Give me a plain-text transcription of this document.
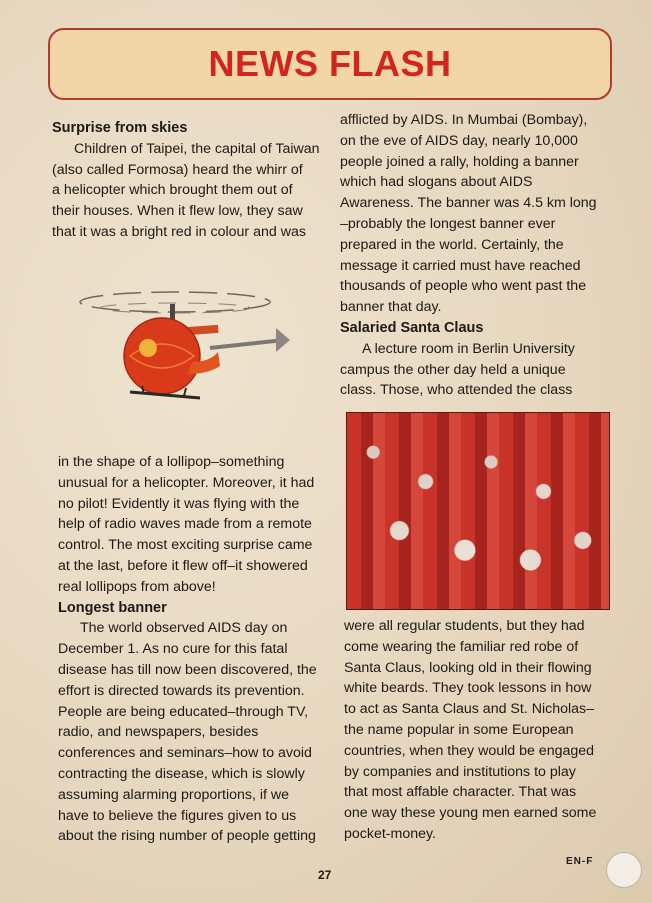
NEWS FLASH

Surprise from skies

Children of Taipei, the capital of Taiwan

(also called Formosa) heard the whirr of

a helicopter which brought them out of

their houses. When it flew low, they saw

that it was a bright red in colour and was

in the shape of a lollipop–something

unusual for a helicopter. Moreover, it had

no pilot! Evidently it was flying with the

help of radio waves made from a remote

control. The most exciting surprise came

at the last, before it flew off–it showered

real lollipops from above!

Longest banner

The world observed AIDS day on

December 1. As no cure for this fatal

disease has till now been discovered, the

effort is directed towards its prevention.

People are being educated–through TV,

radio, and newspapers, besides

conferences and seminars–how to avoid

contracting the disease, which is slowly

assuming alarming proportions, if we

have to believe the figures given to us

about the rising number of people getting

afflicted by AIDS. In Mumbai (Bombay),

on the eve of AIDS day, nearly 10,000

people joined a rally, holding a banner

which had slogans about AIDS

Awareness. The banner was 4.5 km long

–probably the longest banner ever

prepared in the world. Certainly, the

message it carried must have reached

thousands of people who went past the

banner that day.

Salaried Santa Claus

A lecture room in Berlin University

campus the other day held a unique

class. Those, who attended the class

were all regular students, but they had

come wearing the familiar red robe of

Santa Claus, looking old in their flowing

white beards. They took lessons in how

to act as Santa Claus and St. Nicholas–

the name popular in some European

countries, when they would be engaged

by companies and institutions to play

that most affable character. That was

one way these young men earned some

pocket-money.

27
EN-F
